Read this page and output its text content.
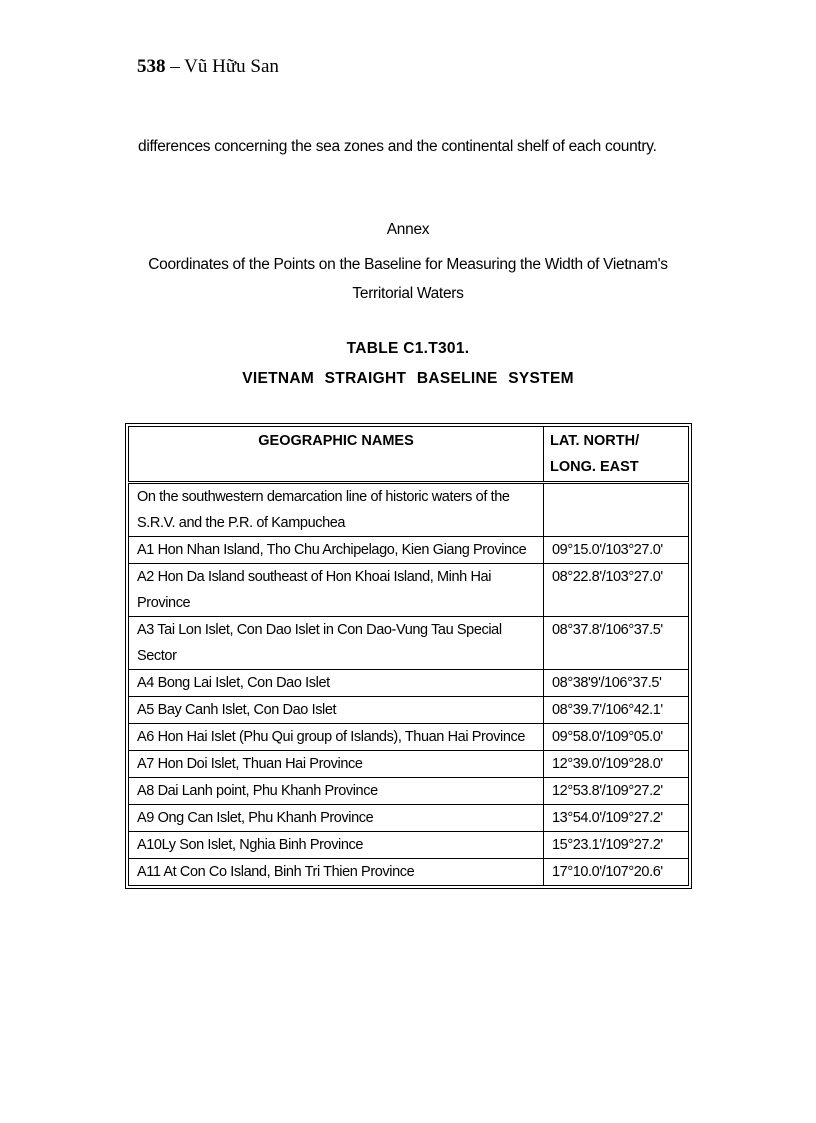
538 – Vũ Hữu San

differences concerning the sea zones and the continental shelf of each country.

Annex
Coordinates of the Points on the Baseline for Measuring the Width of Vietnam's Territorial Waters
TABLE C1.T301.
VIETNAM STRAIGHT BASELINE SYSTEM
GEOGRAPHIC NAMES	LAT. NORTH/ LONG. EAST
On the southwestern demarcation line of historic waters of the S.R.V. and the P.R. of Kampuchea	
A1 Hon Nhan Island, Tho Chu Archipelago, Kien Giang Province	09°15.0'/103°27.0'
A2 Hon Da Island southeast of Hon Khoai Island, Minh Hai Province	08°22.8'/103°27.0'
A3 Tai Lon Islet, Con Dao Islet in Con Dao-Vung Tau Special Sector	08°37.8'/106°37.5'
A4 Bong Lai Islet, Con Dao Islet	08°38'9'/106°37.5'
A5 Bay Canh Islet, Con Dao Islet	08°39.7'/106°42.1'
A6 Hon Hai Islet (Phu Qui group of Islands), Thuan Hai Province	09°58.0'/109°05.0'
A7 Hon Doi Islet, Thuan Hai Province	12°39.0'/109°28.0'
A8 Dai Lanh point, Phu Khanh Province	12°53.8'/109°27.2'
A9 Ong Can Islet, Phu Khanh Province	13°54.0'/109°27.2'
A10Ly Son Islet, Nghia Binh Province	15°23.1'/109°27.2'
A11 At Con Co Island, Binh Tri Thien Province	17°10.0'/107°20.6'
